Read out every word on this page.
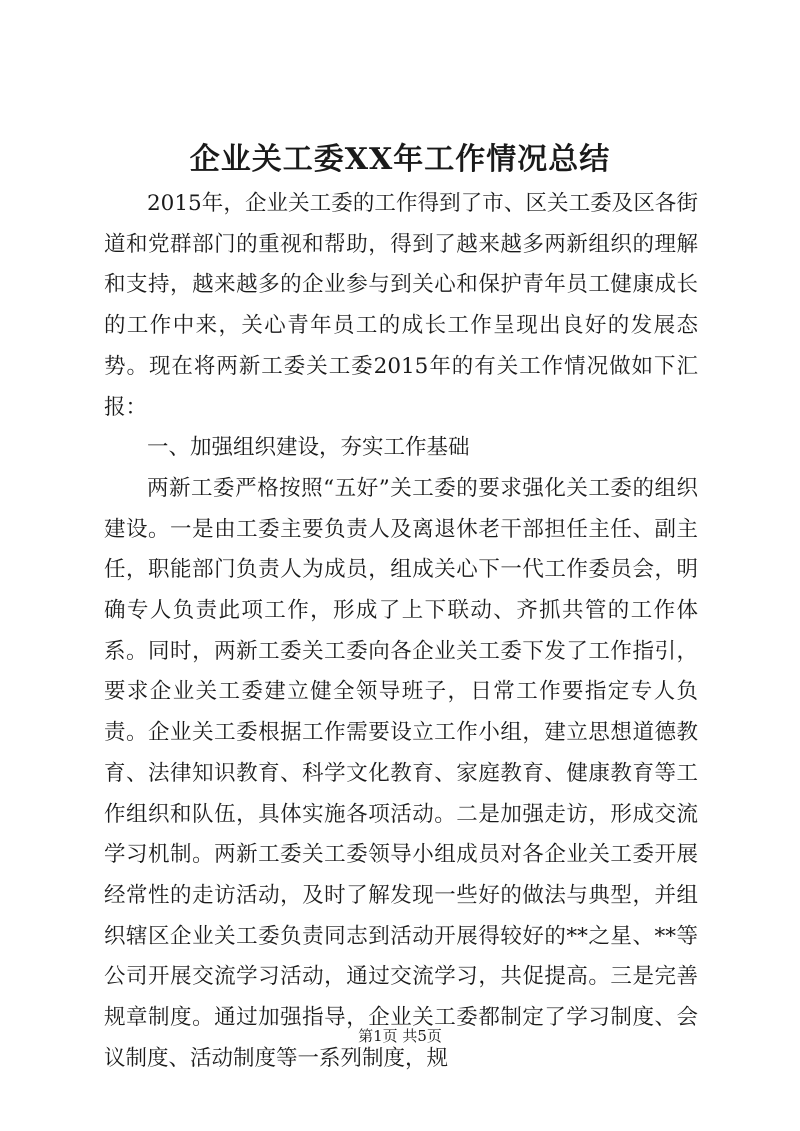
企业关工委XX年工作情况总结

2015年，企业关工委的工作得到了市、区关工委及区各街道和党群部门的重视和帮助，得到了越来越多两新组织的理解和支持，越来越多的企业参与到关心和保护青年员工健康成长的工作中来，关心青年员工的成长工作呈现出良好的发展态势。现在将两新工委关工委2015年的有关工作情况做如下汇报：

一、加强组织建设，夯实工作基础

两新工委严格按照“五好”关工委的要求强化关工委的组织建设。一是由工委主要负责人及离退休老干部担任主任、副主任，职能部门负责人为成员，组成关心下一代工作委员会，明确专人负责此项工作，形成了上下联动、齐抓共管的工作体系。同时，两新工委关工委向各企业关工委下发了工作指引，要求企业关工委建立健全领导班子，日常工作要指定专人负责。企业关工委根据工作需要设立工作小组，建立思想道德教育、法律知识教育、科学文化教育、家庭教育、健康教育等工作组织和队伍，具体实施各项活动。二是加强走访，形成交流学习机制。两新工委关工委领导小组成员对各企业关工委开展经常性的走访活动，及时了解发现一些好的做法与典型，并组织辖区企业关工委负责同志到活动开展得较好的**之星、**等公司开展交流学习活动，通过交流学习，共促提高。三是完善规章制度。通过加强指导，企业关工委都制定了学习制度、会议制度、活动制度等一系列制度，规

第1页 共5页
